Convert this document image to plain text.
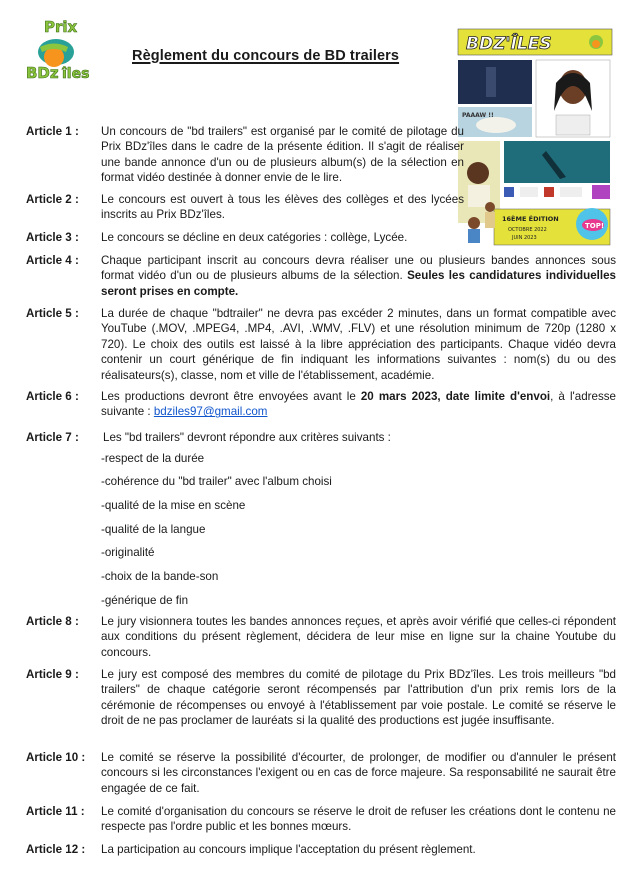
Prix
BDz îles
Règlement du concours de BD trailers
BDZ'ÎLES
PAAAW !!
16ÈME ÉDITION
OCTOBRE 2022
JUIN 2023
TOP!
Article 1 : Un concours de "bd trailers" est organisé par le comité de pilotage du Prix BDz'îles dans le cadre de la présente édition. Il s'agit de réaliser une bande annonce d'un ou de plusieurs album(s) de la sélection en format vidéo destinée à donner envie de le lire.
Article 2 : Le concours est ouvert à tous les élèves des collèges et des lycées inscrits au Prix BDz'îles.
Article 3 : Le concours se décline en deux catégories : collège, Lycée.
Article 4 : Chaque participant inscrit au concours devra réaliser une ou plusieurs bandes annonces sous format vidéo d'un ou de plusieurs albums de la sélection. Seules les candidatures individuelles seront prises en compte.
Article 5 : La durée de chaque "bdtrailer" ne devra pas excéder 2 minutes, dans un format compatible avec YouTube (.MOV, .MPEG4, .MP4, .AVI, .WMV, .FLV) et une résolution minimum de 720p (1280 x 720). Le choix des outils est laissé à la libre appréciation des participants. Chaque vidéo devra contenir un court générique de fin indiquant les informations suivantes : nom(s) du ou des réalisateurs(s), classe, nom et ville de l'établissement, académie.
Article 6 : Les productions devront être envoyées avant le 20 mars 2023, date limite d'envoi, à l'adresse suivante : bdziles97@gmail.com
Article 7 : Les "bd trailers" devront répondre aux critères suivants :
-respect de la durée
-cohérence du "bd trailer" avec l'album choisi
-qualité de la mise en scène
-qualité de la langue
-originalité
-choix de la bande-son
-générique de fin
Article 8 : Le jury visionnera toutes les bandes annonces reçues, et après avoir vérifié que celles-ci répondent aux conditions du présent règlement, décidera de leur mise en ligne sur la chaine Youtube du concours.
Article 9 : Le jury est composé des membres du comité de pilotage du Prix BDz'îles. Les trois meilleurs "bd trailers" de chaque catégorie seront récompensés par l'attribution d'un prix remis lors de la cérémonie de récompenses ou envoyé à l'établissement par voie postale. Le comité se réserve le droit de ne pas proclamer de lauréats si la qualité des productions est jugée insuffisante.
Article 10 : Le comité se réserve la possibilité d'écourter, de prolonger, de modifier ou d'annuler le présent concours si les circonstances l'exigent ou en cas de force majeure. Sa responsabilité ne saurait être engagée de ce fait.
Article 11 : Le comité d'organisation du concours se réserve le droit de refuser les créations dont le contenu ne respecte pas l'ordre public et les bonnes mœurs.
Article 12 : La participation au concours implique l'acceptation du présent règlement.
